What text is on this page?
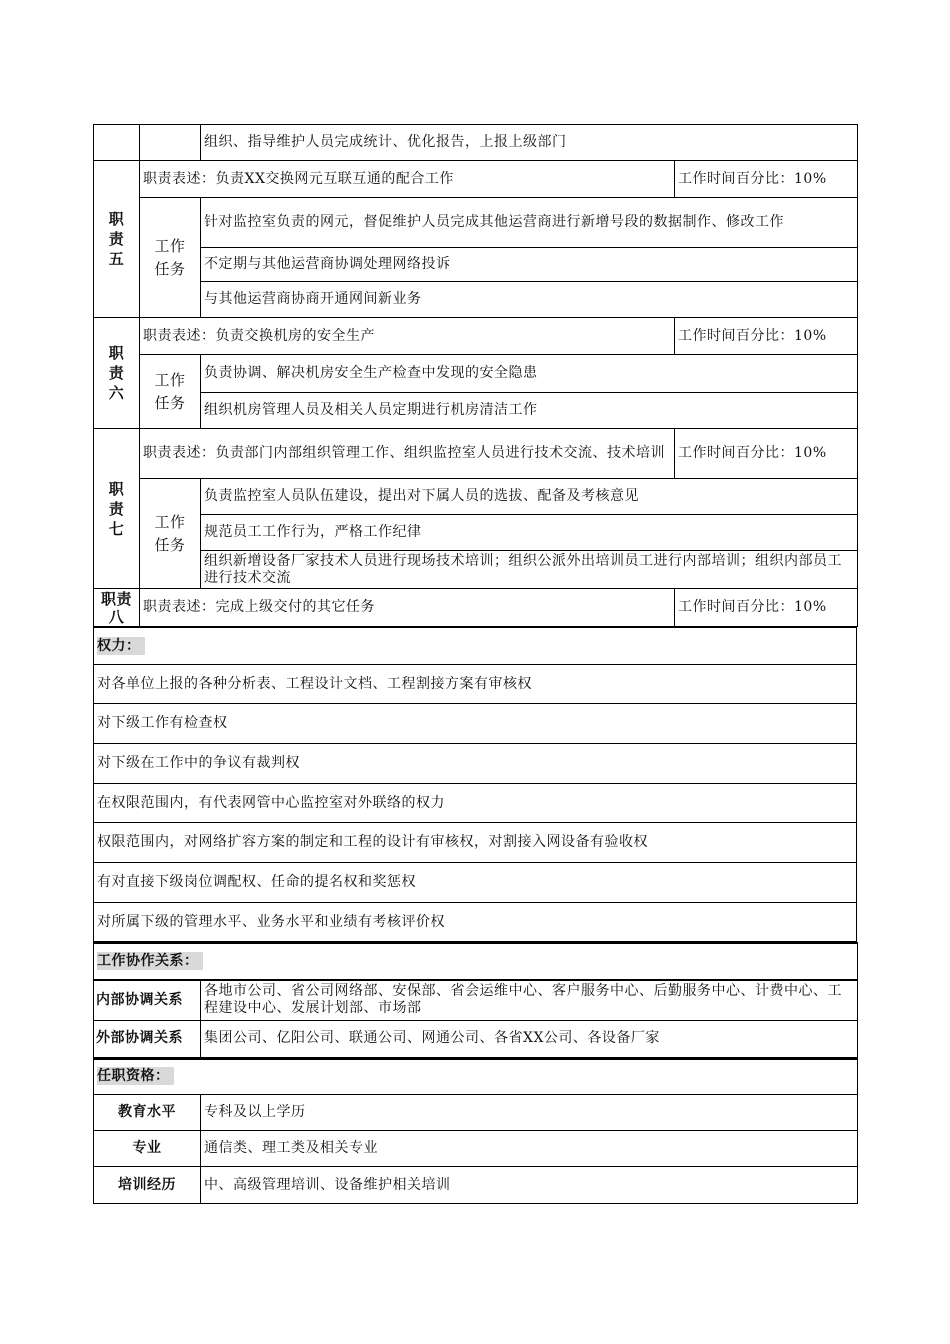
		组织、指导维护人员完成统计、优化报告，上报上级部门	
职
责
五	职责表述：负责XX交换网元互联互通的配合工作		工作时间百分比：10%
	工作
任务	针对监控室负责的网元，督促维护人员完成其他运营商进行新增号段的数据制作、修改工作	
		不定期与其他运营商协调处理网络投诉	
		与其他运营商协商开通网间新业务	
职
责
六	职责表述：负责交换机房的安全生产		工作时间百分比：10%
	工作
任务	负责协调、解决机房安全生产检查中发现的安全隐患	
		组织机房管理人员及相关人员定期进行机房清洁工作	
职
责
七	职责表述：负责部门内部组织管理工作、组织监控室人员进行技术交流、技术培训		工作时间百分比：10%
	工作
任务	负责监控室人员队伍建设，提出对下属人员的选拔、配备及考核意见	
		规范员工工作行为，严格工作纪律	
		组织新增设备厂家技术人员进行现场技术培训；组织公派外出培训员工进行内部培训；组织内部员工进行技术交流	
职责
八	职责表述：完成上级交付的其它任务		工作时间百分比：10%
权力：
对各单位上报的各种分析表、工程设计文档、工程割接方案有审核权
对下级工作有检查权
对下级在工作中的争议有裁判权
在权限范围内，有代表网管中心监控室对外联络的权力
权限范围内，对网络扩容方案的制定和工程的设计有审核权，对割接入网设备有验收权
有对直接下级岗位调配权、任命的提名权和奖惩权
对所属下级的管理水平、业务水平和业绩有考核评价权
工作协作关系：	
内部协调关系	各地市公司、省公司网络部、安保部、省会运维中心、客户服务中心、后勤服务中心、计费中心、工程建设中心、发展计划部、市场部
外部协调关系	集团公司、亿阳公司、联通公司、网通公司、各省XX公司、各设备厂家
任职资格：	
教育水平	专科及以上学历
专业	通信类、理工类及相关专业
培训经历	中、高级管理培训、设备维护相关培训
